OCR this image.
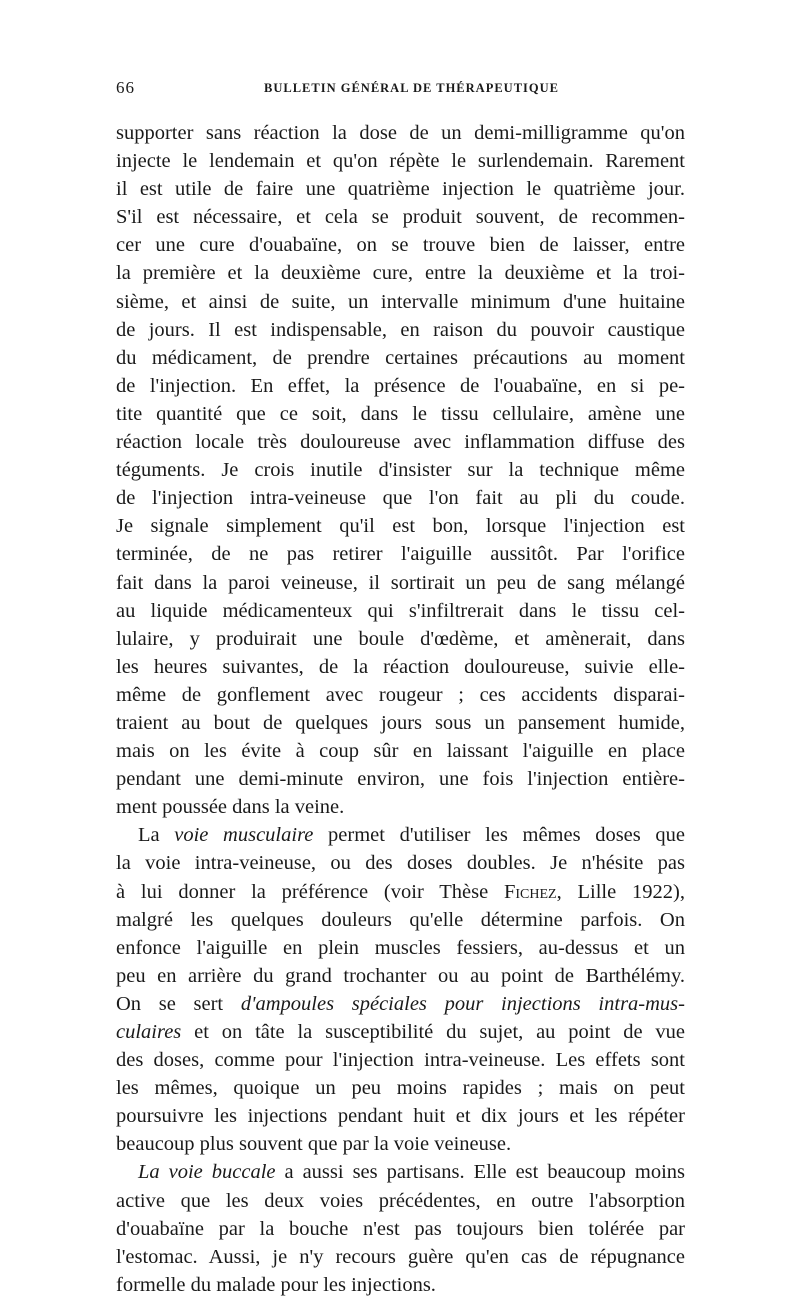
66	BULLETIN GÉNÉRAL DE THÉRAPEUTIQUE
supporter sans réaction la dose de un demi-milligramme qu'on
injecte le lendemain et qu'on répète le surlendemain. Rarement
il est utile de faire une quatrième injection le quatrième jour.
S'il est nécessaire, et cela se produit souvent, de recommen-
cer une cure d'ouabaïne, on se trouve bien de laisser, entre
la première et la deuxième cure, entre la deuxième et la troi-
sième, et ainsi de suite, un intervalle minimum d'une huitaine
de jours. Il est indispensable, en raison du pouvoir caustique
du médicament, de prendre certaines précautions au moment
de l'injection. En effet, la présence de l'ouabaïne, en si pe-
tite quantité que ce soit, dans le tissu cellulaire, amène une
réaction locale très douloureuse avec inflammation diffuse des
téguments. Je crois inutile d'insister sur la technique même
de l'injection intra-veineuse que l'on fait au pli du coude.
Je signale simplement qu'il est bon, lorsque l'injection est
terminée, de ne pas retirer l'aiguille aussitôt. Par l'orifice
fait dans la paroi veineuse, il sortirait un peu de sang mélangé
au liquide médicamenteux qui s'infiltrerait dans le tissu cel-
lulaire, y produirait une boule d'œdème, et amènerait, dans
les heures suivantes, de la réaction douloureuse, suivie elle-
même de gonflement avec rougeur ; ces accidents disparai-
traient au bout de quelques jours sous un pansement humide,
mais on les évite à coup sûr en laissant l'aiguille en place
pendant une demi-minute environ, une fois l'injection entière-
ment poussée dans la veine.
La voie musculaire permet d'utiliser les mêmes doses que
la voie intra-veineuse, ou des doses doubles. Je n'hésite pas
à lui donner la préférence (voir Thèse Fichez, Lille 1922),
malgré les quelques douleurs qu'elle détermine parfois. On
enfonce l'aiguille en plein muscles fessiers, au-dessus et un
peu en arrière du grand trochanter ou au point de Barthélémy.
On se sert d'ampoules spéciales pour injections intra-mus-
culaires et on tâte la susceptibilité du sujet, au point de vue
des doses, comme pour l'injection intra-veineuse. Les effets sont
les mêmes, quoique un peu moins rapides ; mais on peut
poursuivre les injections pendant huit et dix jours et les répéter
beaucoup plus souvent que par la voie veineuse.
La voie buccale a aussi ses partisans. Elle est beaucoup moins
active que les deux voies précédentes, en outre l'absorption
d'ouabaïne par la bouche n'est pas toujours bien tolérée par
l'estomac. Aussi, je n'y recours guère qu'en cas de répugnance
formelle du malade pour les injections.
